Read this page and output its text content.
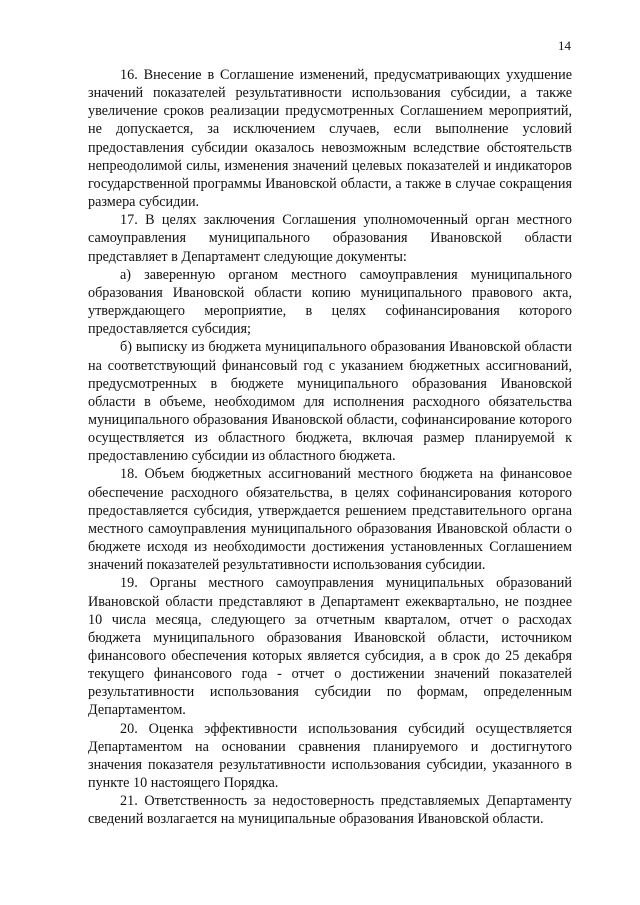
14

16. Внесение в Соглашение изменений, предусматривающих ухудшение значений показателей результативности использования субсидии, а также увеличение сроков реализации предусмотренных Соглашением мероприятий, не допускается, за исключением случаев, если выполнение условий предоставления субсидии оказалось невозможным вследствие обстоятельств непреодолимой силы, изменения значений целевых показателей и индикаторов государственной программы Ивановской области, а также в случае сокращения размера субсидии.

17. В целях заключения Соглашения уполномоченный орган местного самоуправления муниципального образования Ивановской области представляет в Департамент следующие документы:

а) заверенную органом местного самоуправления муниципального образования Ивановской области копию муниципального правового акта, утверждающего мероприятие, в целях софинансирования которого предоставляется субсидия;

б) выписку из бюджета муниципального образования Ивановской области на соответствующий финансовый год с указанием бюджетных ассигнований, предусмотренных в бюджете муниципального образования Ивановской области в объеме, необходимом для исполнения расходного обязательства муниципального образования Ивановской области, софинансирование которого осуществляется из областного бюджета, включая размер планируемой к предоставлению субсидии из областного бюджета.

18. Объем бюджетных ассигнований местного бюджета на финансовое обеспечение расходного обязательства, в целях софинансирования которого предоставляется субсидия, утверждается решением представительного органа местного самоуправления муниципального образования Ивановской области о бюджете исходя из необходимости достижения установленных Соглашением значений показателей результативности использования субсидии.

19. Органы местного самоуправления муниципальных образований Ивановской области представляют в Департамент ежеквартально, не позднее 10 числа месяца, следующего за отчетным кварталом, отчет о расходах бюджета муниципального образования Ивановской области, источником финансового обеспечения которых является субсидия, а в срок до 25 декабря текущего финансового года - отчет о достижении значений показателей результативности использования субсидии по формам, определенным Департаментом.

20. Оценка эффективности использования субсидий осуществляется Департаментом на основании сравнения планируемого и достигнутого значения показателя результативности использования субсидии, указанного в пункте 10 настоящего Порядка.

21. Ответственность за недостоверность представляемых Департаменту сведений возлагается на муниципальные образования Ивановской области.
